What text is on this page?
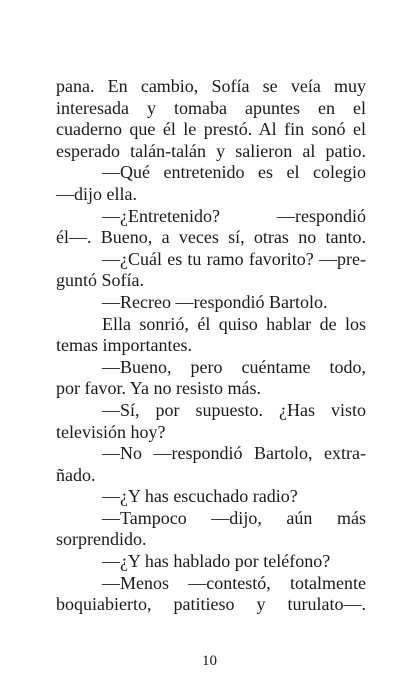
pana. En cambio, Sofía se veía muy
interesada y tomaba apuntes en el
cuaderno que él le prestó. Al fin sonó el
esperado talán-talán y salieron al patio.
—Qué entretenido es el colegio
—dijo ella.
—¿Entretenido? —respondió
él—. Bueno, a veces sí, otras no tanto.
—¿Cuál es tu ramo favorito? —pre-
guntó Sofía.
—Recreo —respondió Bartolo.
Ella sonrió, él quiso hablar de los
temas importantes.
—Bueno, pero cuéntame todo,
por favor. Ya no resisto más.
—Sí, por supuesto. ¿Has visto
televisión hoy?
—No —respondió Bartolo, extra-
ñado.
—¿Y has escuchado radio?
—Tampoco —dijo, aún más
sorprendido.
—¿Y has hablado por teléfono?
—Menos —contestó, totalmente
boquiabierto, patitieso y turulato—.
10
